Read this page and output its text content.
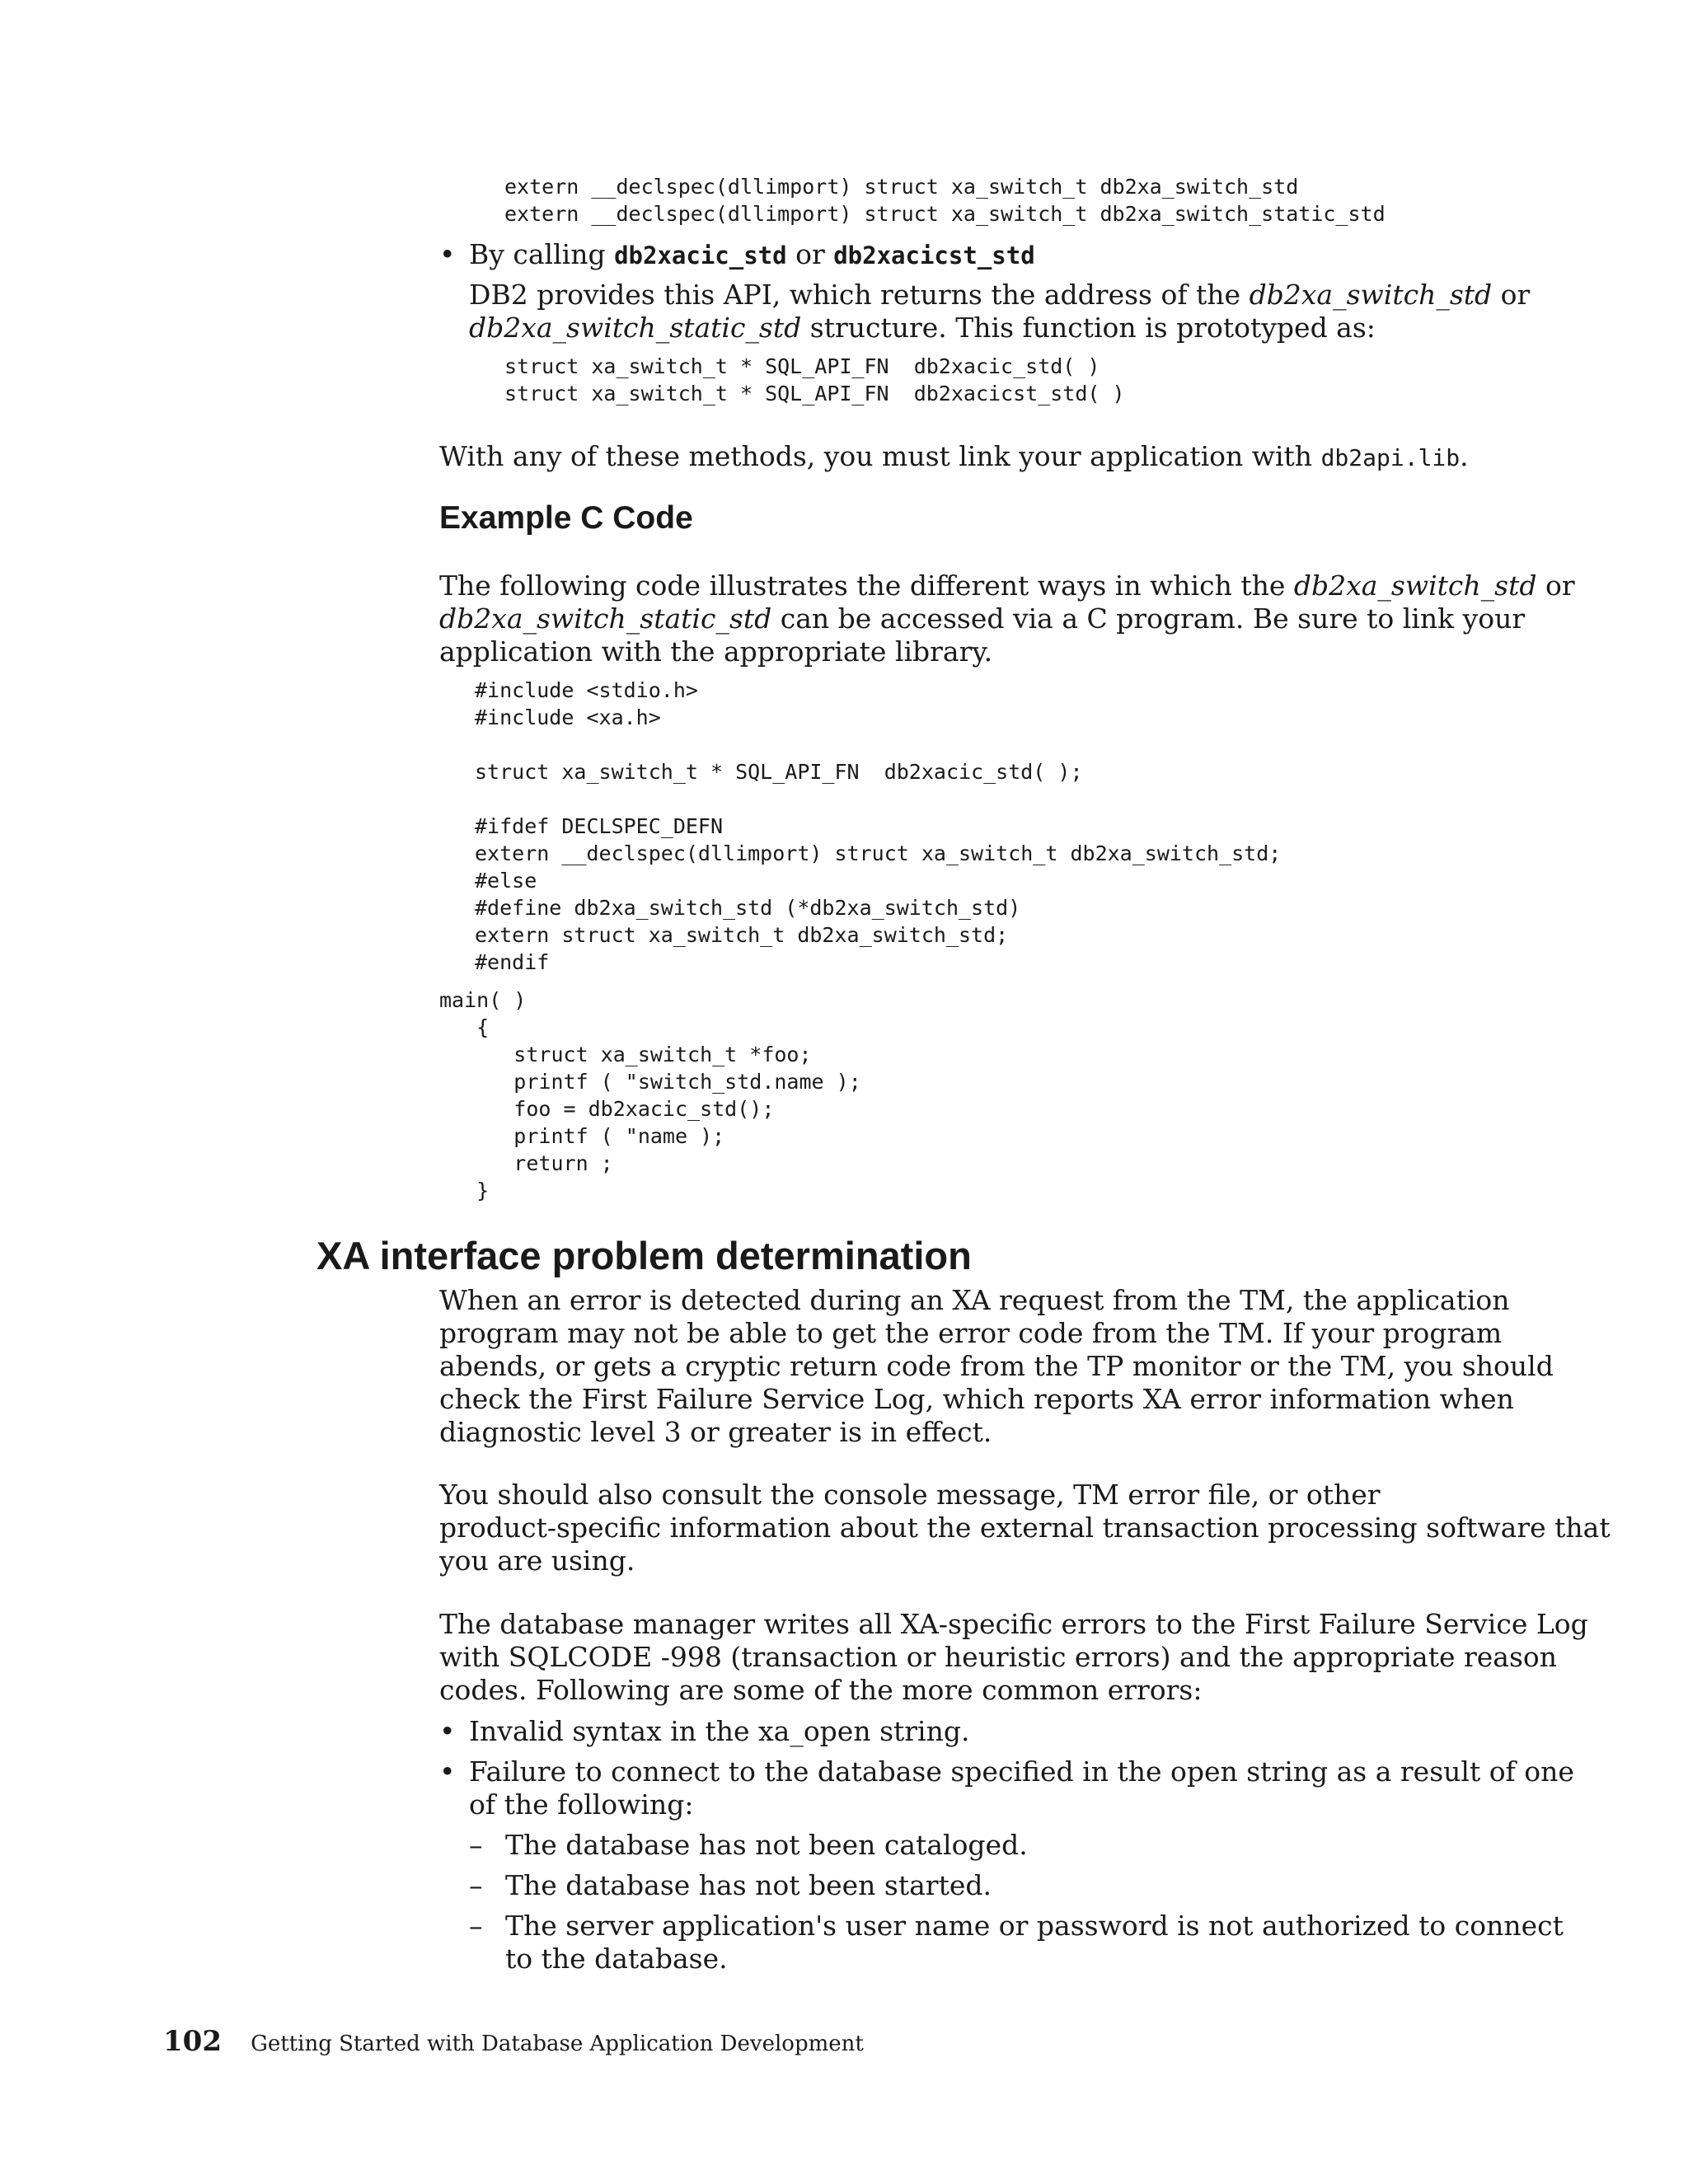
extern __declspec(dllimport) struct xa_switch_t db2xa_switch_std
extern __declspec(dllimport) struct xa_switch_t db2xa_switch_static_std
• By calling db2xacic_std or db2xacicst_std
DB2 provides this API, which returns the address of the db2xa_switch_std or
db2xa_switch_static_std structure. This function is prototyped as:
struct xa_switch_t * SQL_API_FN  db2xacic_std( )
struct xa_switch_t * SQL_API_FN  db2xacicst_std( )
With any of these methods, you must link your application with db2api.lib.
Example C Code
The following code illustrates the different ways in which the db2xa_switch_std or
db2xa_switch_static_std can be accessed via a C program. Be sure to link your
application with the appropriate library.
#include <stdio.h>
#include <xa.h>

struct xa_switch_t * SQL_API_FN  db2xacic_std( );

#ifdef DECLSPEC_DEFN
extern __declspec(dllimport) struct xa_switch_t db2xa_switch_std;
#else
#define db2xa_switch_std (*db2xa_switch_std)
extern struct xa_switch_t db2xa_switch_std;
#endif
main( )
{
struct xa_switch_t *foo;
printf ( "switch_std.name );
foo = db2xacic_std();
printf ( "name );
return ;
}
XA interface problem determination
When an error is detected during an XA request from the TM, the application
program may not be able to get the error code from the TM. If your program
abends, or gets a cryptic return code from the TP monitor or the TM, you should
check the First Failure Service Log, which reports XA error information when
diagnostic level 3 or greater is in effect.
You should also consult the console message, TM error file, or other
product-specific information about the external transaction processing software that
you are using.
The database manager writes all XA-specific errors to the First Failure Service Log
with SQLCODE -998 (transaction or heuristic errors) and the appropriate reason
codes. Following are some of the more common errors:
• Invalid syntax in the xa_open string.
• Failure to connect to the database specified in the open string as a result of one
of the following:
– The database has not been cataloged.
– The database has not been started.
– The server application's user name or password is not authorized to connect
to the database.
102 Getting Started with Database Application Development
